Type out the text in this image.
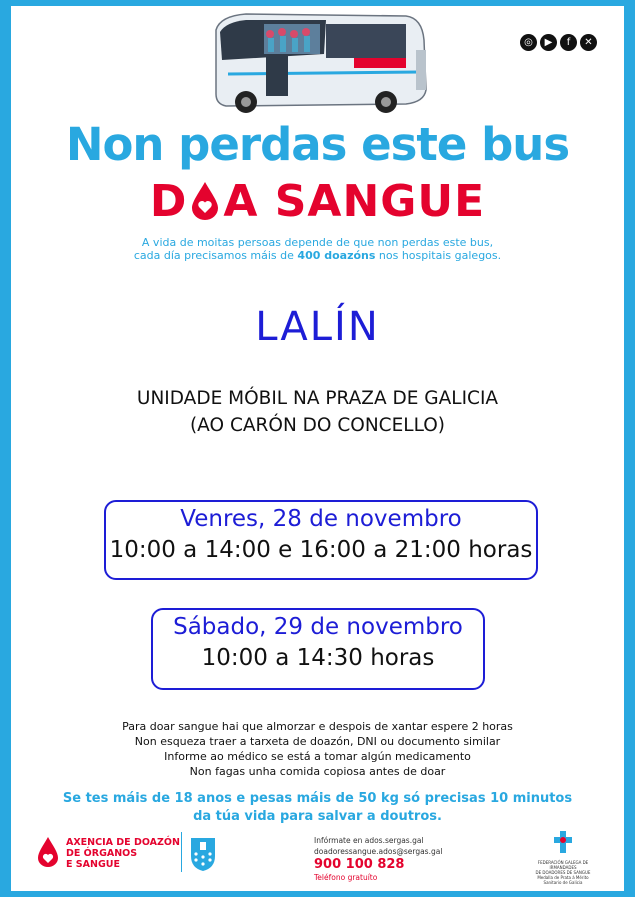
◎	▶	f	✕
Non perdas este bus
D A SANGUE
A vida de moitas persoas depende de que non perdas este bus,
cada día precisamos máis de 400 doazóns nos hospitais galegos.
LALÍN
UNIDADE MÓBIL NA PRAZA DE GALICIA
(AO CARÓN DO CONCELLO)
Venres, 28 de novembro
10:00 a 14:00 e 16:00 a 21:00 horas
Sábado, 29 de novembro
10:00 a 14:30 horas
Para doar sangue hai que almorzar e despois de xantar espere 2 horas
Non esqueza traer a tarxeta de doazón, DNI ou documento similar
Informe ao médico se está a tomar algún medicamento
Non fagas unha comida copiosa antes de doar
Se tes máis de 18 anos e pesas máis de 50 kg só precisas 10 minutos
da túa vida para salvar a doutros.
AXENCIA DE DOAZÓN
DE ÓRGANOS
E SANGUE
Infórmate en ados.sergas.gal
doadoressangue.ados@sergas.gal
900 100 828
Teléfono gratuíto
FEDERACIÓN GALEGA DE IRMANDADES
DE DOADORES DE SANGUE
Medalla de Prata á Mérito Sanitario de Galicia
